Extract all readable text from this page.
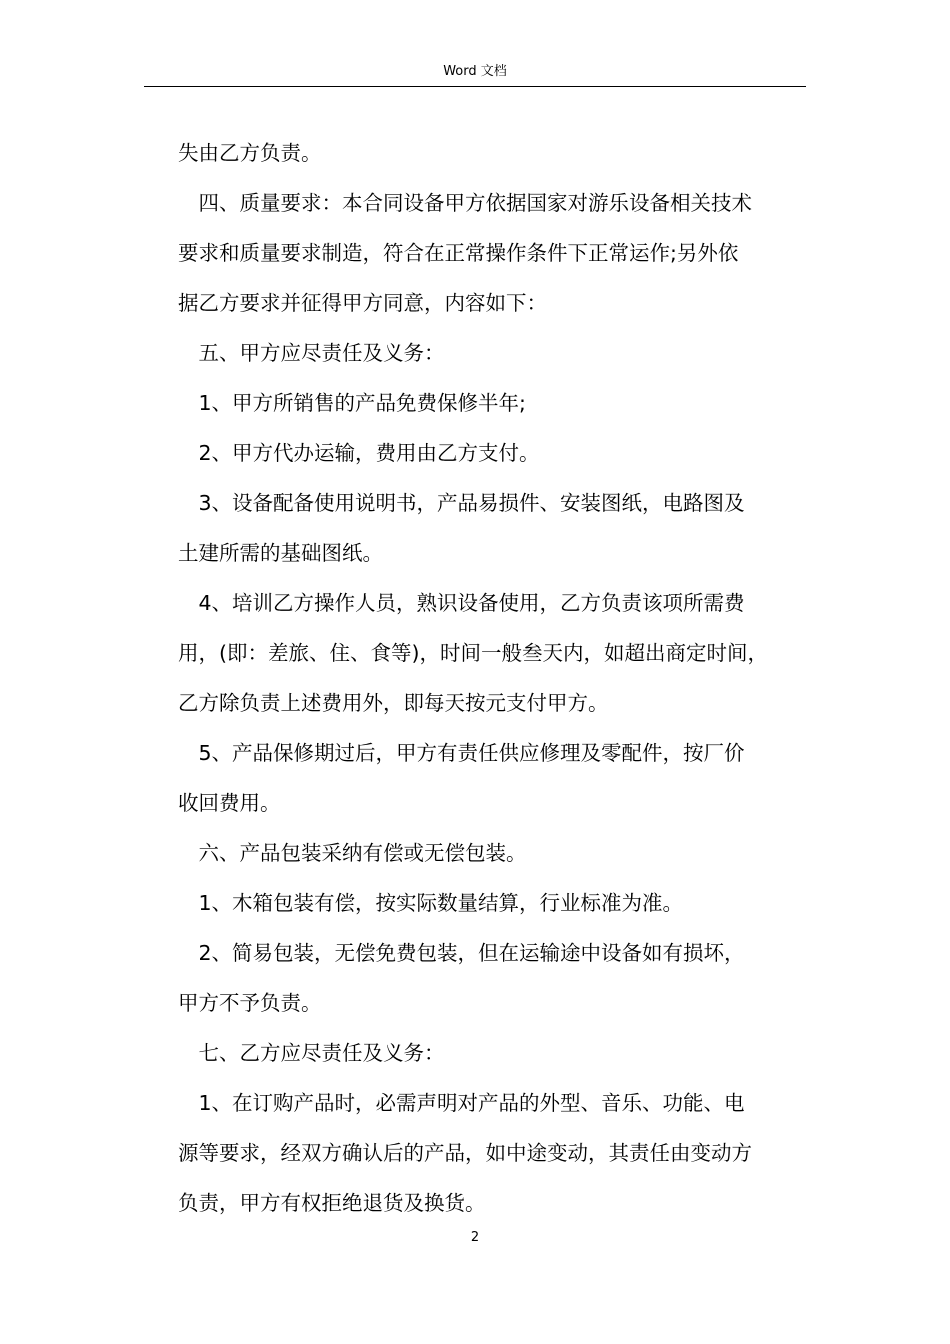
Word 文档

失由乙方负责。

　四、质量要求：本合同设备甲方依据国家对游乐设备相关技术

要求和质量要求制造，符合在正常操作条件下正常运作;另外依

据乙方要求并征得甲方同意，内容如下：

　五、甲方应尽责任及义务：

　1、甲方所销售的产品免费保修半年;

　2、甲方代办运输，费用由乙方支付。

　3、设备配备使用说明书，产品易损件、安装图纸，电路图及

土建所需的基础图纸。

　4、培训乙方操作人员，熟识设备使用，乙方负责该项所需费

用，(即：差旅、住、食等)，时间一般叁天内，如超出商定时间，

乙方除负责上述费用外，即每天按元支付甲方。

　5、产品保修期过后，甲方有责任供应修理及零配件，按厂价

收回费用。

　六、产品包装采纳有偿或无偿包装。

　1、木箱包装有偿，按实际数量结算，行业标准为准。

　2、简易包装，无偿免费包装，但在运输途中设备如有损坏，

甲方不予负责。

　七、乙方应尽责任及义务：

　1、在订购产品时，必需声明对产品的外型、音乐、功能、电

源等要求，经双方确认后的产品，如中途变动，其责任由变动方

负责，甲方有权拒绝退货及换货。

2
